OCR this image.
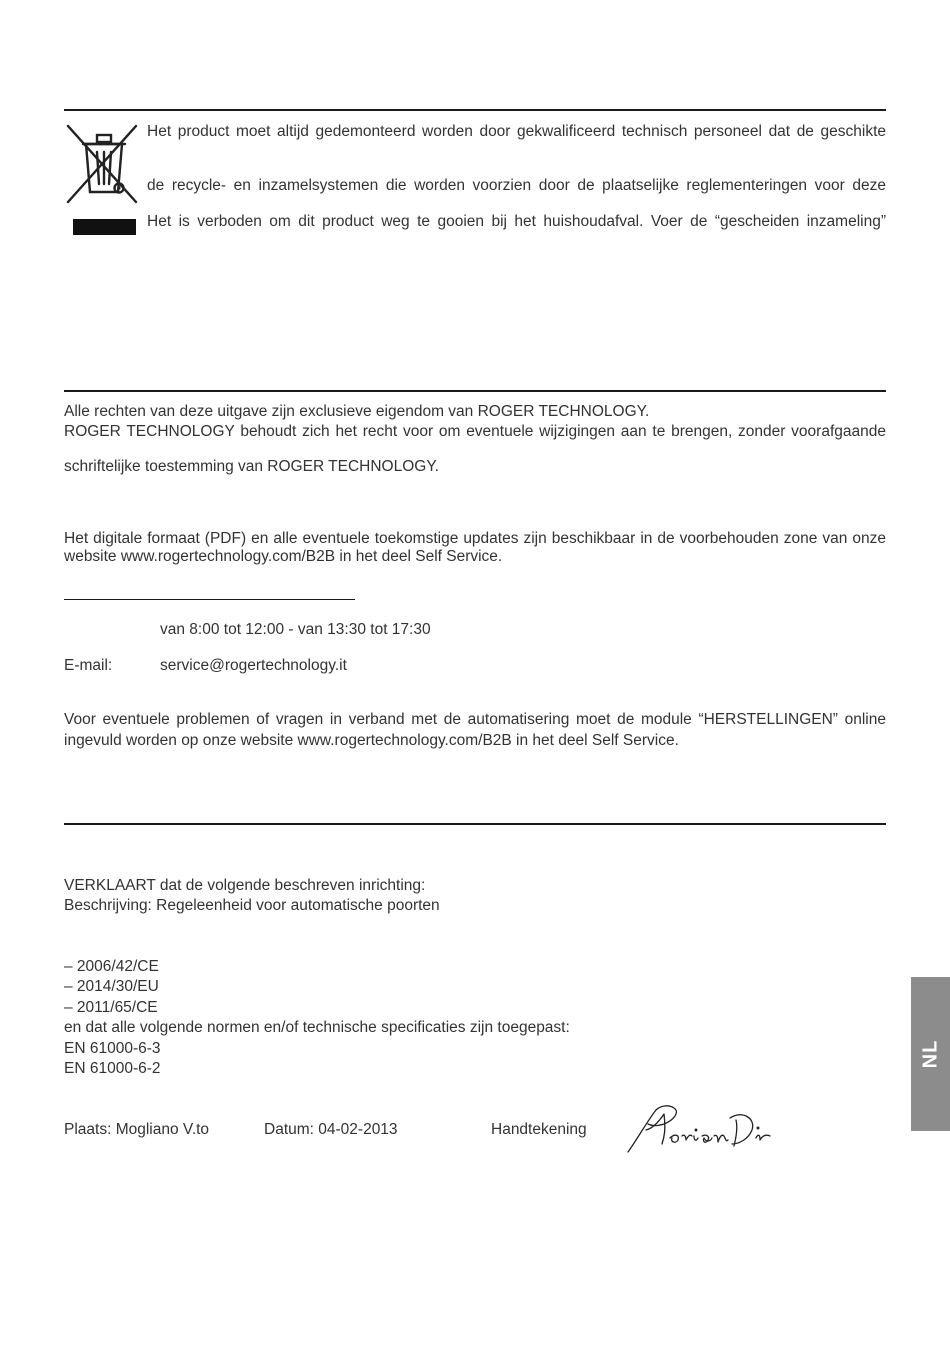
Het product moet altijd gedemonteerd worden door gekwalificeerd technisch personeel dat de geschikte
de recycle- en inzamelsystemen die worden voorzien door de plaatselijke reglementeringen voor deze
Het is verboden om dit product weg te gooien bij het huishoudafval. Voer de “gescheiden inzameling”
Alle rechten van deze uitgave zijn exclusieve eigendom van ROGER TECHNOLOGY.
ROGER TECHNOLOGY behoudt zich het recht voor om eventuele wijzigingen aan te brengen, zonder voorafgaande
schriftelijke toestemming van ROGER TECHNOLOGY.
Het digitale formaat (PDF) en alle eventuele toekomstige updates zijn beschikbaar in de voorbehouden zone van onze
website www.rogertechnology.com/B2B in het deel Self Service.
van 8:00 tot 12:00 - van 13:30 tot 17:30
E-mail:	service@rogertechnology.it
Voor eventuele problemen of vragen in verband met de automatisering moet de module “HERSTELLINGEN” online
ingevuld worden op onze website www.rogertechnology.com/B2B in het deel Self Service.
VERKLAART dat de volgende beschreven inrichting:
Beschrijving: Regeleenheid voor automatische poorten
– 2006/42/CE
– 2014/30/EU
– 2011/65/CE
en dat alle volgende normen en/of technische specificaties zijn toegepast:
EN 61000-6-3
EN 61000-6-2
Plaats: Mogliano V.to	Datum: 04-02-2013	Handtekening
NL
